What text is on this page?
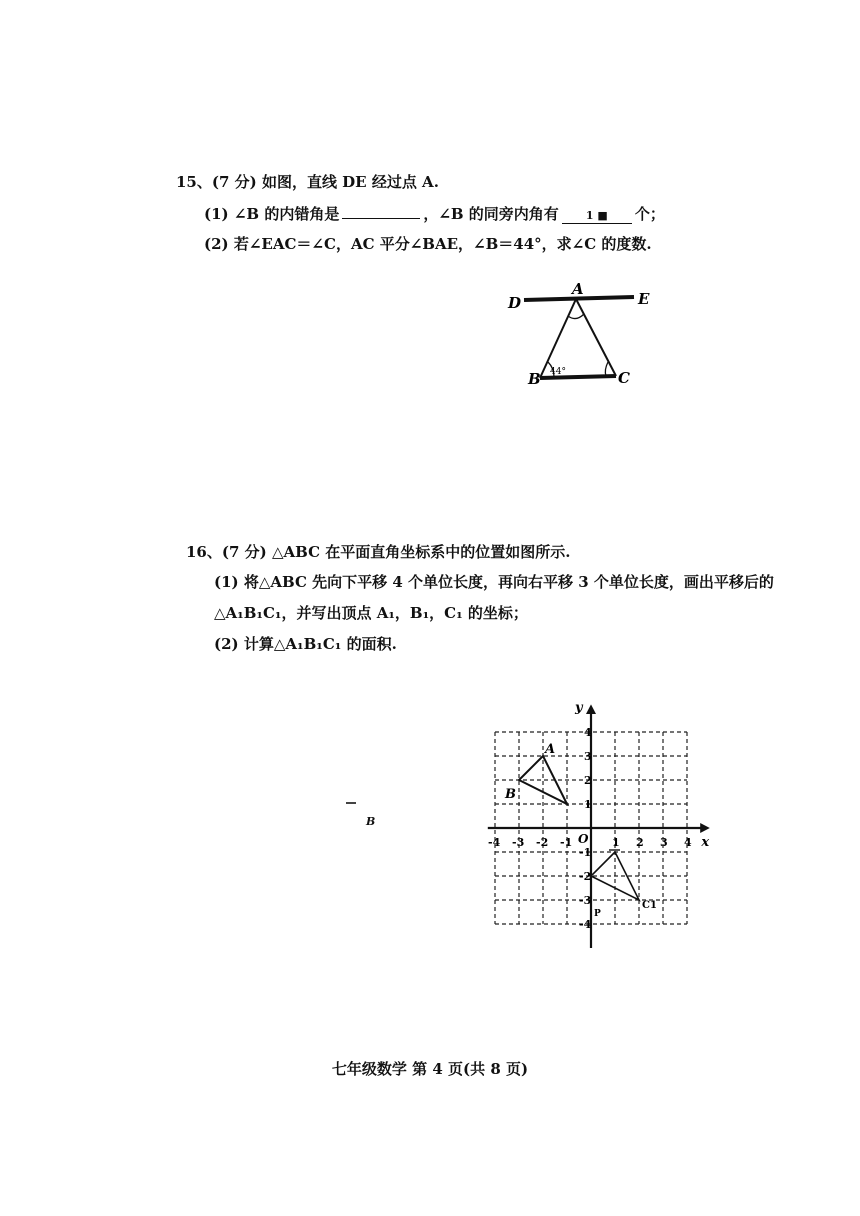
15、(7 分) 如图，直线 DE 经过点 A.
(1) ∠B 的内错角是	，∠B 的同旁内角有 1 ■ 个；
(2) 若∠EAC＝∠C，AC 平分∠BAE，∠B＝44°，求∠C 的度数.
D
A
E
B	C
44°
16、(7 分) △ABC 在平面直角坐标系中的位置如图所示.
(1) 将△ABC 先向下平移 4 个单位长度，再向右平移 3 个单位长度，画出平移后的
△A₁B₁C₁，并写出顶点 A₁，B₁，C₁ 的坐标；
(2) 计算△A₁B₁C₁ 的面积.
B
x
y
O
-4 -3 -2 -1	1 2 3 4
4
3
2
1
-1
-2
-3
-4
A
B
C1
P
七年级数学 第 4 页(共 8 页)
